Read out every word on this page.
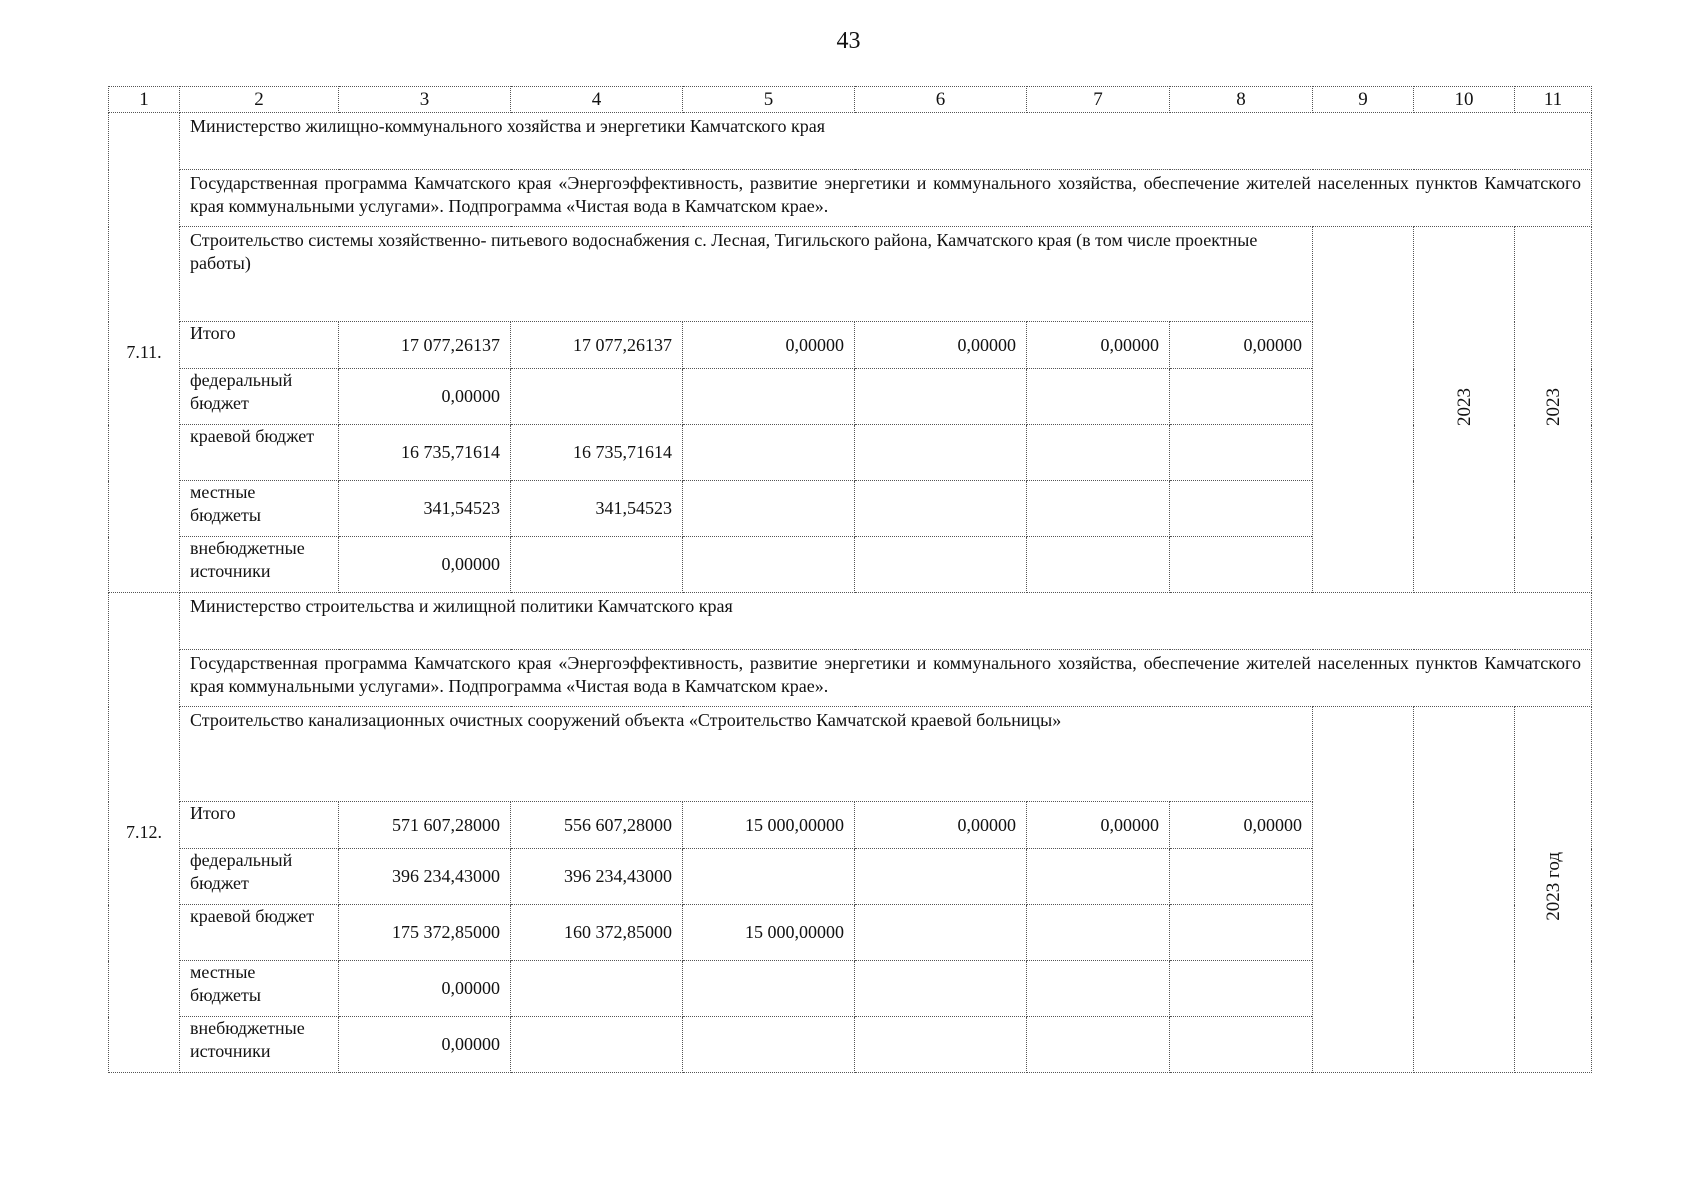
43
1	2	3	4	5	6	7	8	9	10	11
7.11.	Министерство жилищно-коммунального хозяйства и энергетики Камчатского края									
	Государственная программа Камчатского края «Энергоэффективность, развитие энергетики и коммунального хозяйства, обеспечение жителей населенных пунктов Камчатского края коммунальными услугами». Подпрограмма «Чистая вода в Камчатском крае».									
	Строительство системы хозяйственно- питьевого водоснабжения с. Лесная, Тигильского района, Камчатского края (в том числе проектные работы)								2023	2023
	Итого	17 077,26137	17 077,26137	0,00000	0,00000	0,00000	0,00000			
	федеральный бюджет	0,00000								
	краевой бюджет	16 735,71614	16 735,71614							
	местные бюджеты	341,54523	341,54523							
	внебюджетные источники	0,00000								
7.12.	Министерство строительства и жилищной политики Камчатского края									
	Государственная программа Камчатского края «Энергоэффективность, развитие энергетики и коммунального хозяйства, обеспечение жителей населенных пунктов Камчатского края коммунальными услугами». Подпрограмма «Чистая вода в Камчатском крае».									
	Строительство канализационных очистных сооружений объекта «Строительство Камчатской краевой больницы»									2023 год
	Итого	571 607,28000	556 607,28000	15 000,00000	0,00000	0,00000	0,00000			
	федеральный бюджет	396 234,43000	396 234,43000							
	краевой бюджет	175 372,85000	160 372,85000	15 000,00000						
	местные бюджеты	0,00000								
	внебюджетные источники	0,00000								
